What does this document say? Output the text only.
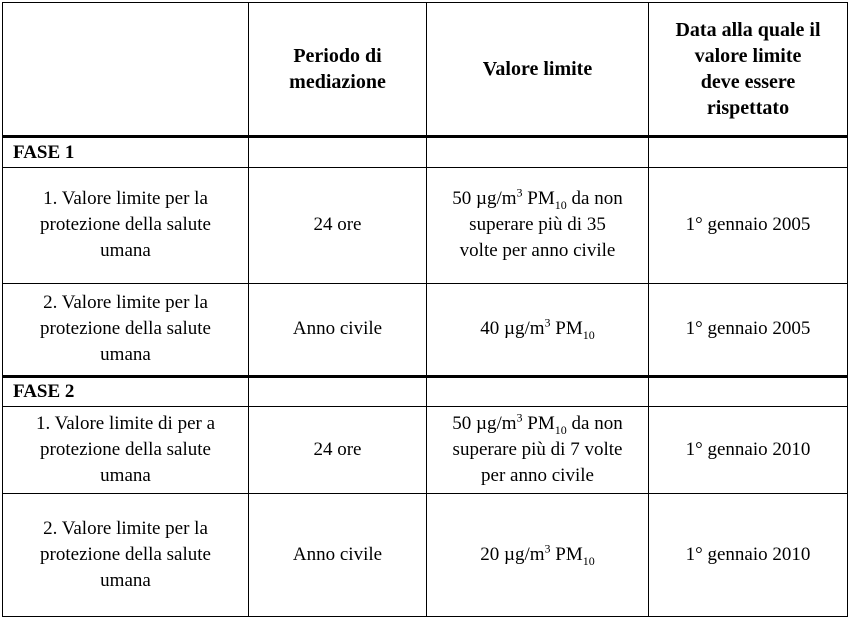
	Periodo di
mediazione	Valore limite	Data alla quale il
valore limite
deve essere
rispettato
FASE 1			
1. Valore limite per la
protezione della salute
umana	24 ore	50 $\mu g/m^3$ $PM_{10}$ da non
superare più di 35
volte per anno civile	1° gennaio 2005
2. Valore limite per la
protezione della salute
umana	Anno civile	40 $\mu g/m^3$ $PM_{10}$	1° gennaio 2005
FASE 2			
1. Valore limite di per a
protezione della salute
umana	24 ore	50 $\mu g/m^3$ $PM_{10}$ da non
superare più di 7 volte
per anno civile	1° gennaio 2010
2. Valore limite per la
protezione della salute
umana	Anno civile	20 $\mu g/m^3$ $PM_{10}$	1° gennaio 2010
